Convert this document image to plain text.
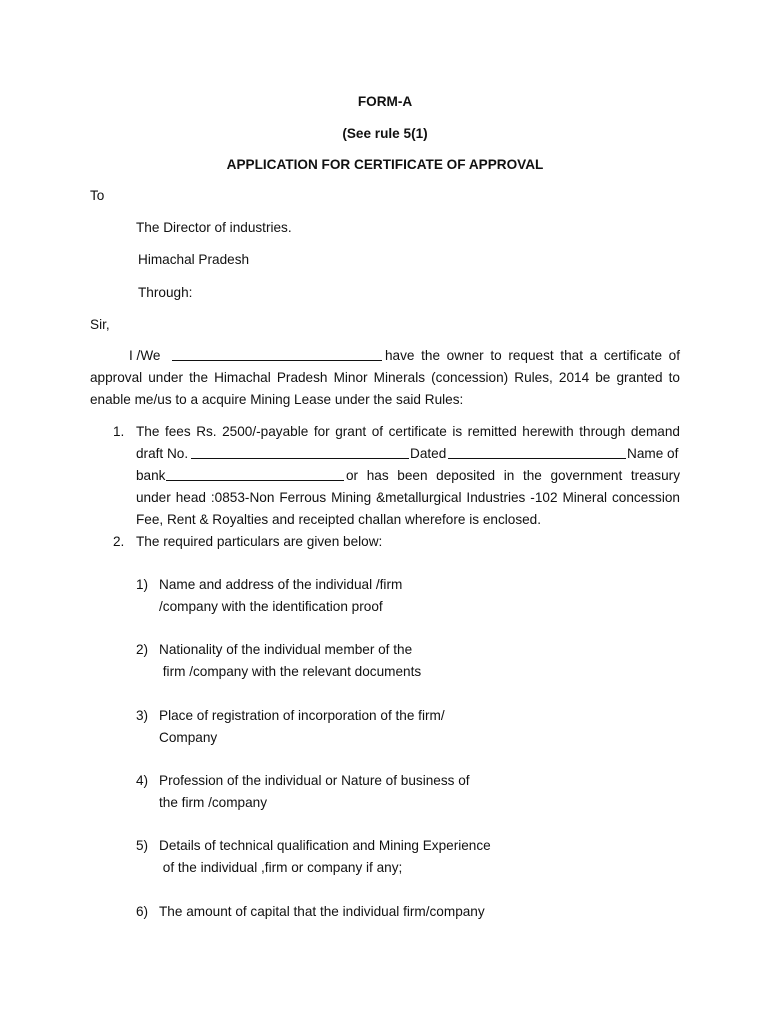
FORM-A
(See rule 5(1)
APPLICATION FOR CERTIFICATE OF APPROVAL
To
The Director of industries.
Himachal Pradesh
Through:
Sir,
I /We	have the owner to request that a certificate of
approval under the Himachal Pradesh Minor Minerals (concession) Rules, 2014 be granted to
enable me/us to a acquire Mining Lease under the said Rules:
1. The fees Rs. 2500/-payable for grant of certificate is remitted herewith through demand
draft No.	Dated	Name of
bank	or has been deposited in the government treasury
under head :0853-Non Ferrous Mining &metallurgical Industries -102 Mineral concession
Fee, Rent & Royalties and receipted challan wherefore is enclosed.
2. The required particulars are given below:
1) Name and address of the individual /firm
/company with the identification proof
2) Nationality of the individual member of the
firm /company with the relevant documents
3) Place of registration of incorporation of the firm/
Company
4) Profession of the individual or Nature of business of
the firm /company
5) Details of technical qualification and Mining Experience
of the individual ,firm or company if any;
6) The amount of capital that the individual firm/company
